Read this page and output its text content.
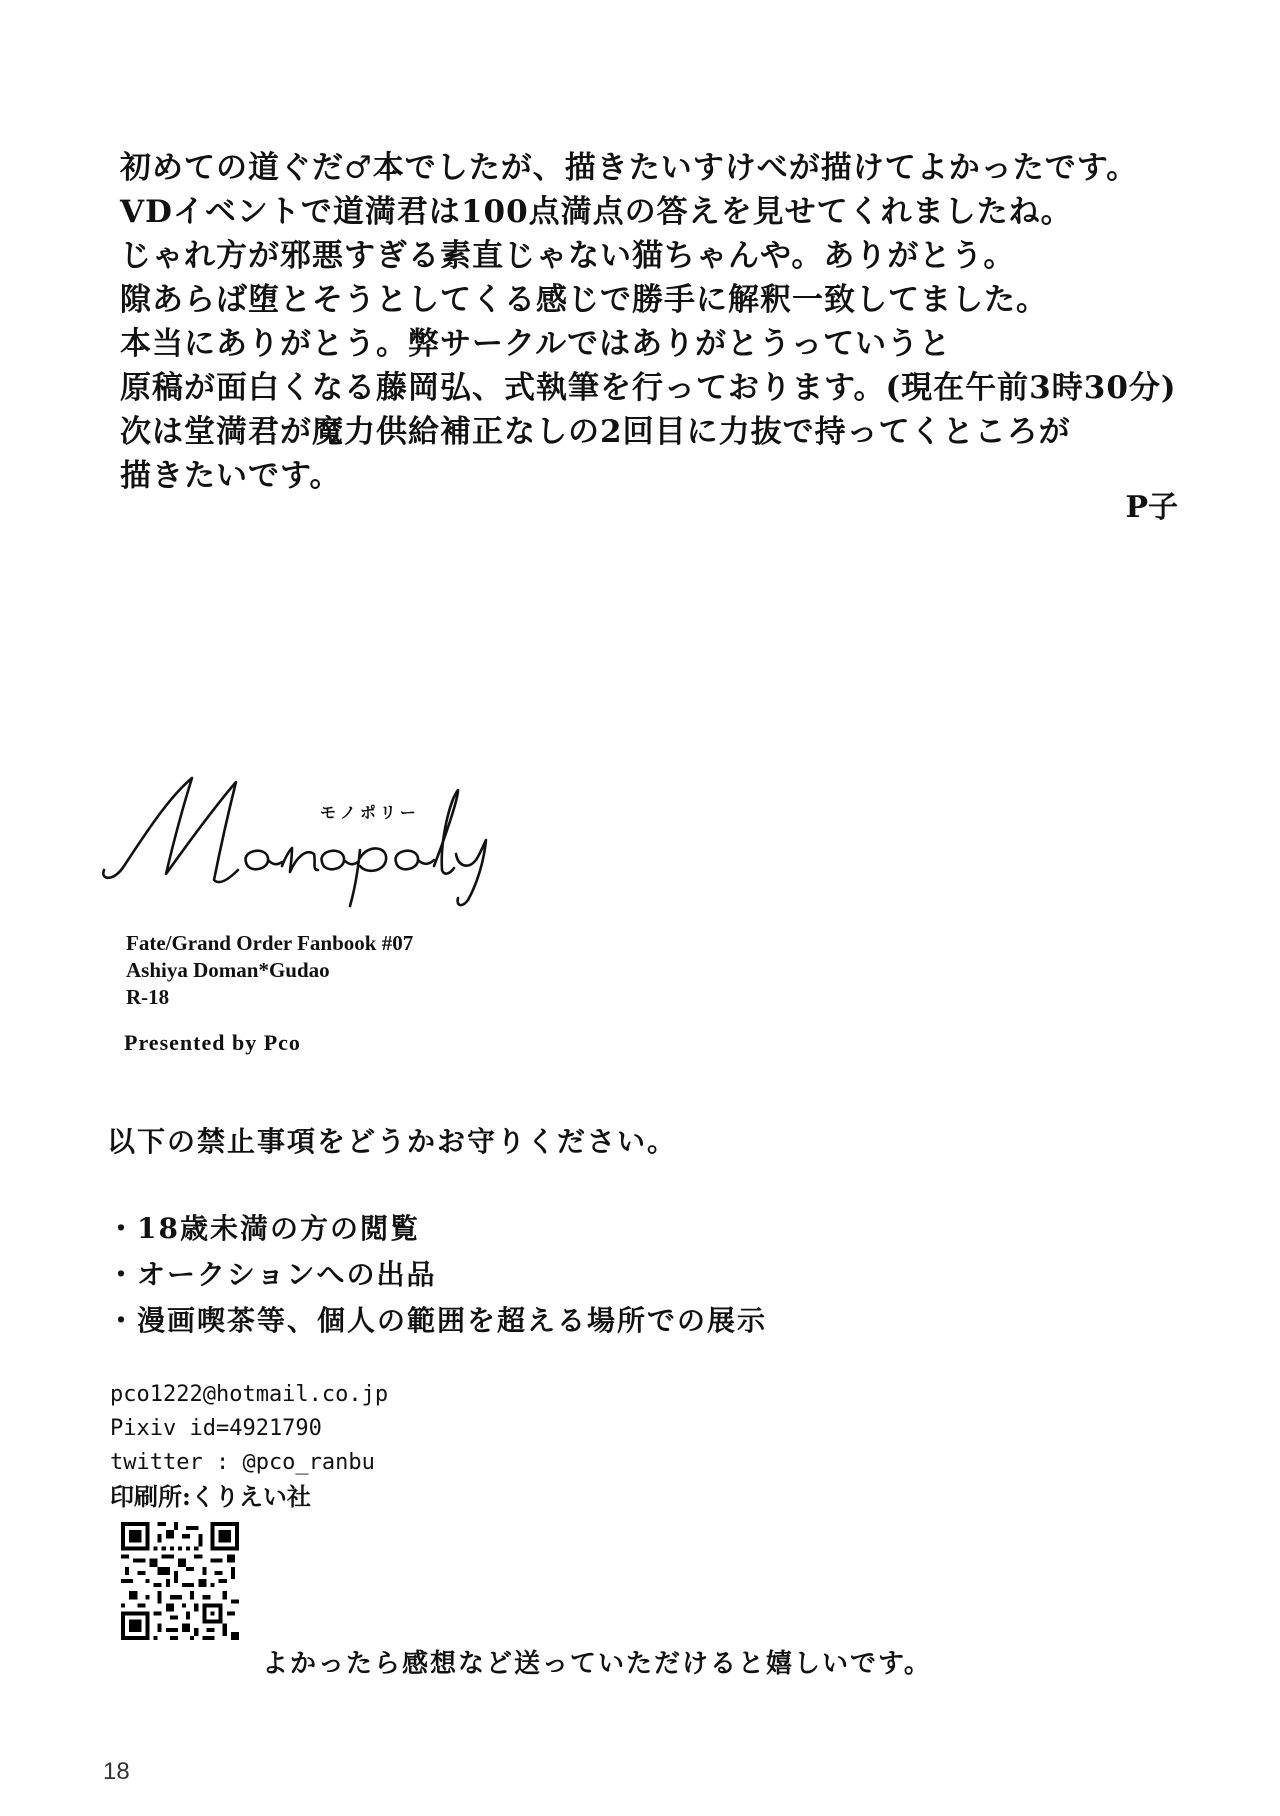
初めての道ぐだ♂本でしたが、描きたいすけべが描けてよかったです。

VDイベントで道満君は100点満点の答えを見せてくれましたね。

じゃれ方が邪悪すぎる素直じゃない猫ちゃんや。ありがとう。

隙あらば堕とそうとしてくる感じで勝手に解釈一致してました。

本当にありがとう。弊サークルではありがとうっていうと

原稿が面白くなる藤岡弘、式執筆を行っております。(現在午前3時30分)

次は堂満君が魔力供給補正なしの2回目に力抜で持ってくところが

描きたいです。

P子
モノポリー
Fate/Grand Order Fanbook #07
Ashiya Doman*Gudao
R-18
Presented by Pco
以下の禁止事項をどうかお守りください。
・18歳未満の方の閲覧
・オークションへの出品
・漫画喫茶等、個人の範囲を超える場所での展示
pco1222@hotmail.co.jp
Pixiv id=4921790
twitter : @pco_ranbu
印刷所:くりえい社
よかったら感想など送っていただけると嬉しいです。
18
